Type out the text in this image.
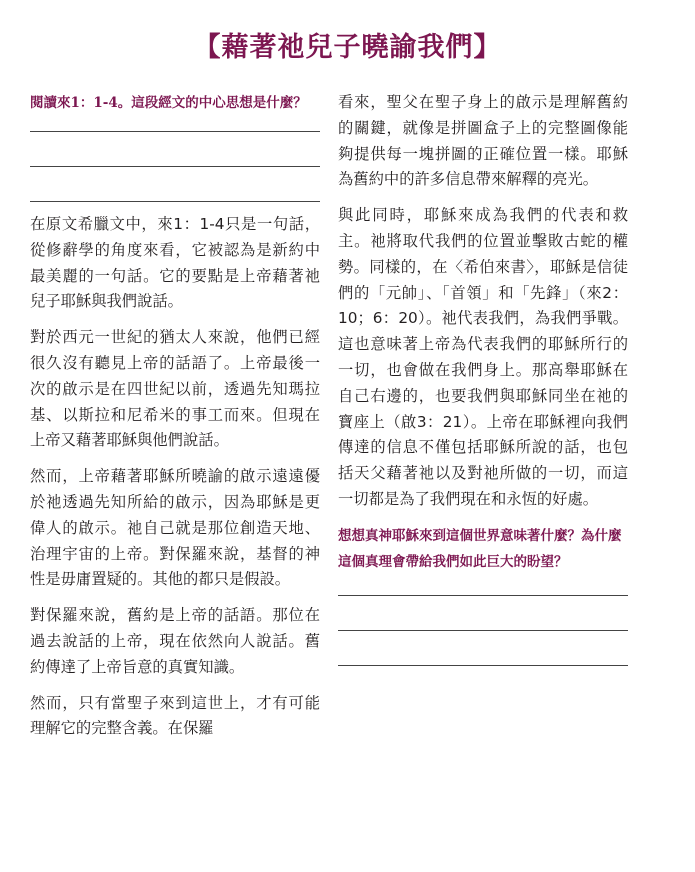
【藉著祂兒子曉諭我們】

閱讀來1：1-4。這段經文的中心思想是什麼？

在原文希臘文中，來1：1-4只是一句話，從修辭學的角度來看，它被認為是新約中最美麗的一句話。它的要點是上帝藉著祂兒子耶穌與我們說話。

對於西元一世紀的猶太人來說，他們已經很久沒有聽見上帝的話語了。上帝最後一次的啟示是在四世紀以前，透過先知瑪拉基、以斯拉和尼希米的事工而來。但現在上帝又藉著耶穌與他們說話。

然而，上帝藉著耶穌所曉諭的啟示遠遠優於祂透過先知所給的啟示，因為耶穌是更偉人的啟示。祂自己就是那位創造天地、治理宇宙的上帝。對保羅來說，基督的神性是毋庸置疑的。其他的都只是假設。

對保羅來說，舊約是上帝的話語。那位在過去說話的上帝，現在依然向人說話。舊約傳達了上帝旨意的真實知識。

然而，只有當聖子來到這世上，才有可能理解它的完整含義。在保羅

看來，聖父在聖子身上的啟示是理解舊約的關鍵，就像是拼圖盒子上的完整圖像能夠提供每一塊拼圖的正確位置一樣。耶穌為舊約中的許多信息帶來解釋的亮光。

與此同時，耶穌來成為我們的代表和救主。祂將取代我們的位置並擊敗古蛇的權勢。同樣的，在〈希伯來書〉，耶穌是信徒們的「元帥」、「首領」和「先鋒」（來2：10；6：20）。祂代表我們，為我們爭戰。這也意味著上帝為代表我們的耶穌所行的一切，也會做在我們身上。那高舉耶穌在自己右邊的，也要我們與耶穌同坐在祂的寶座上（啟3：21）。上帝在耶穌裡向我們傳達的信息不僅包括耶穌所說的話，也包括天父藉著祂以及對祂所做的一切，而這一切都是為了我們現在和永恆的好處。

想想真神耶穌來到這個世界意味著什麼？為什麼這個真理會帶給我們如此巨大的盼望？
